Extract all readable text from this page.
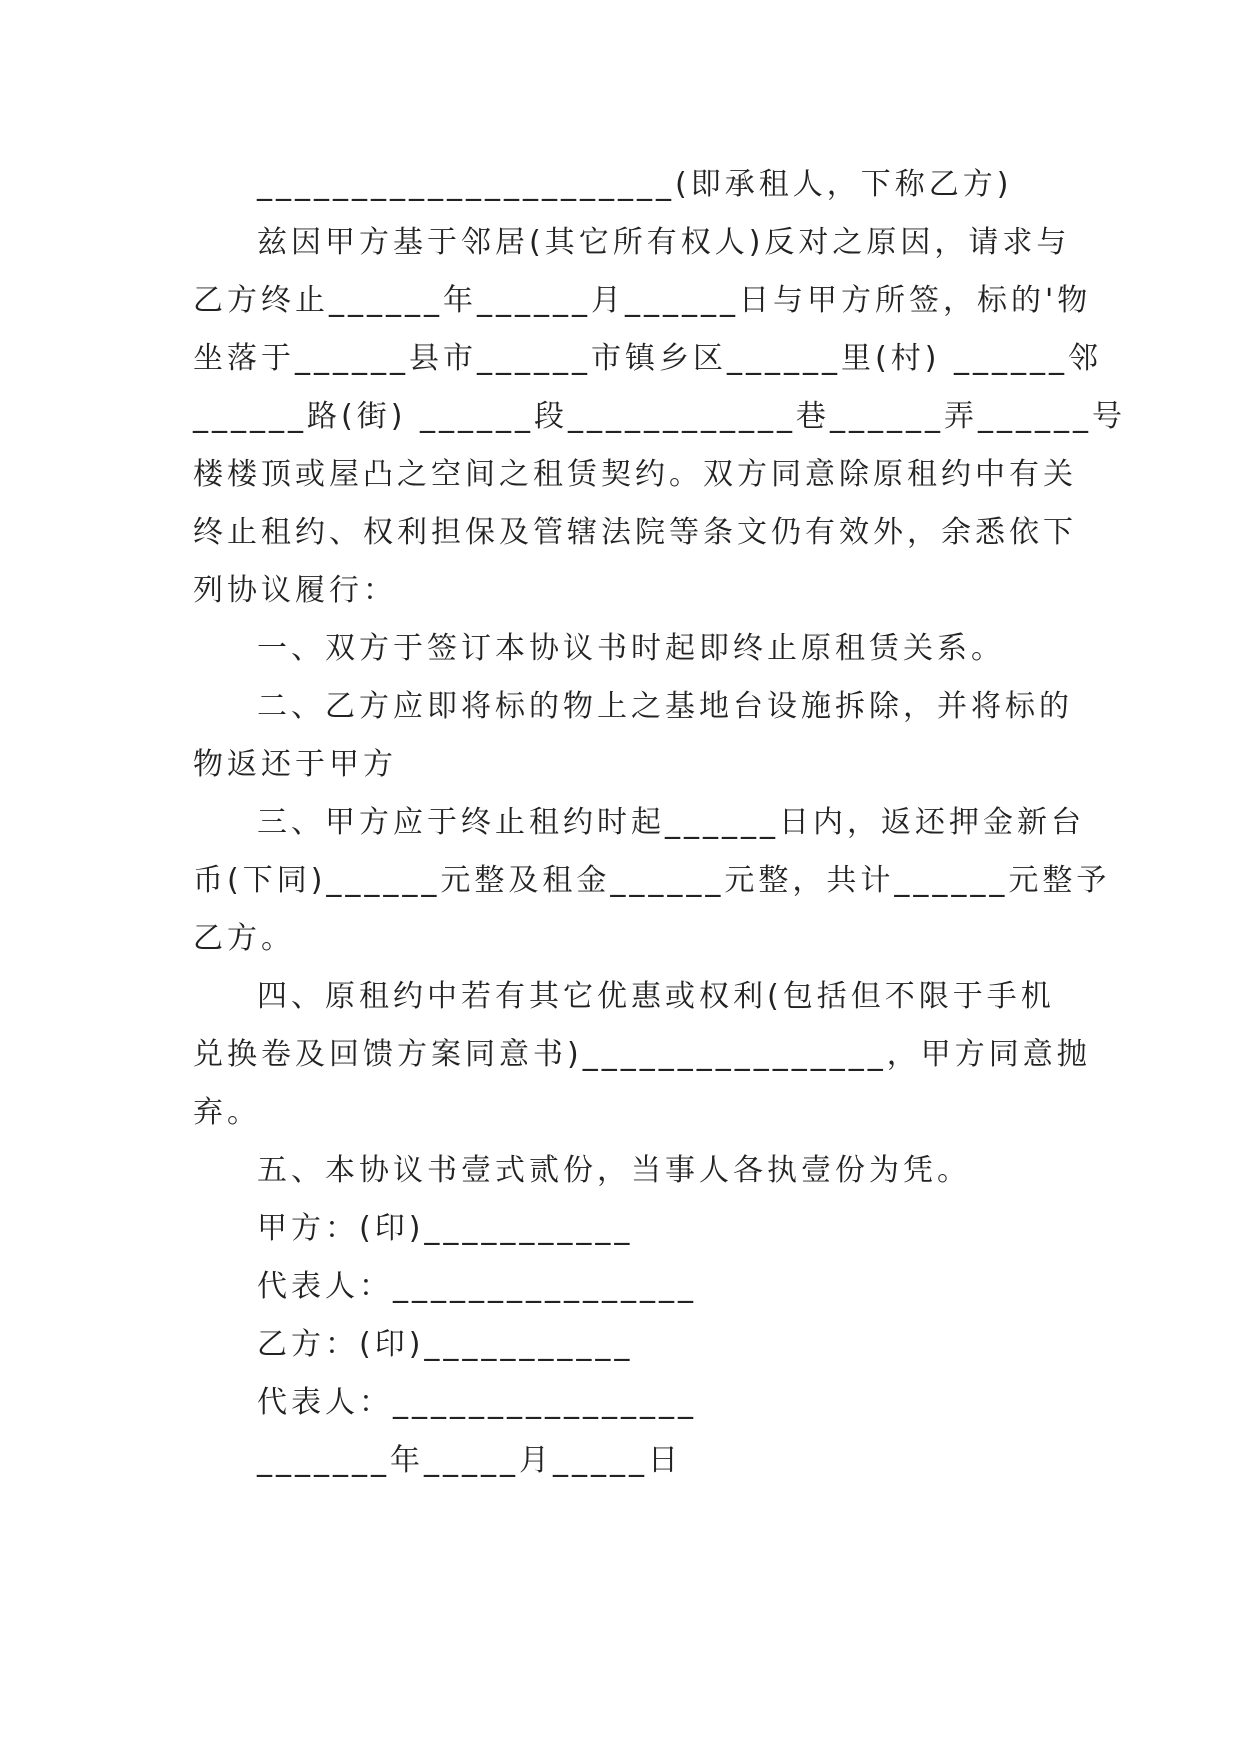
______________________(即承租人，下称乙方)
兹因甲方基于邻居(其它所有权人)反对之原因，请求与
乙方终止______年______月______日与甲方所签，标的'物
坐落于______县市______市镇乡区______里(村) ______邻
______路(街) ______段____________巷______弄______号
楼楼顶或屋凸之空间之租赁契约。双方同意除原租约中有关
终止租约、权利担保及管辖法院等条文仍有效外，余悉依下
列协议履行：
一、双方于签订本协议书时起即终止原租赁关系。
二、乙方应即将标的物上之基地台设施拆除，并将标的
物返还于甲方
三、甲方应于终止租约时起______日内，返还押金新台
币(下同)______元整及租金______元整，共计______元整予
乙方。
四、原租约中若有其它优惠或权利(包括但不限于手机
兑换卷及回馈方案同意书)________________，甲方同意抛
弃。
五、本协议书壹式贰份，当事人各执壹份为凭。
甲方：(印)___________
代表人：________________
乙方：(印)___________
代表人：________________
_______年_____月_____日
